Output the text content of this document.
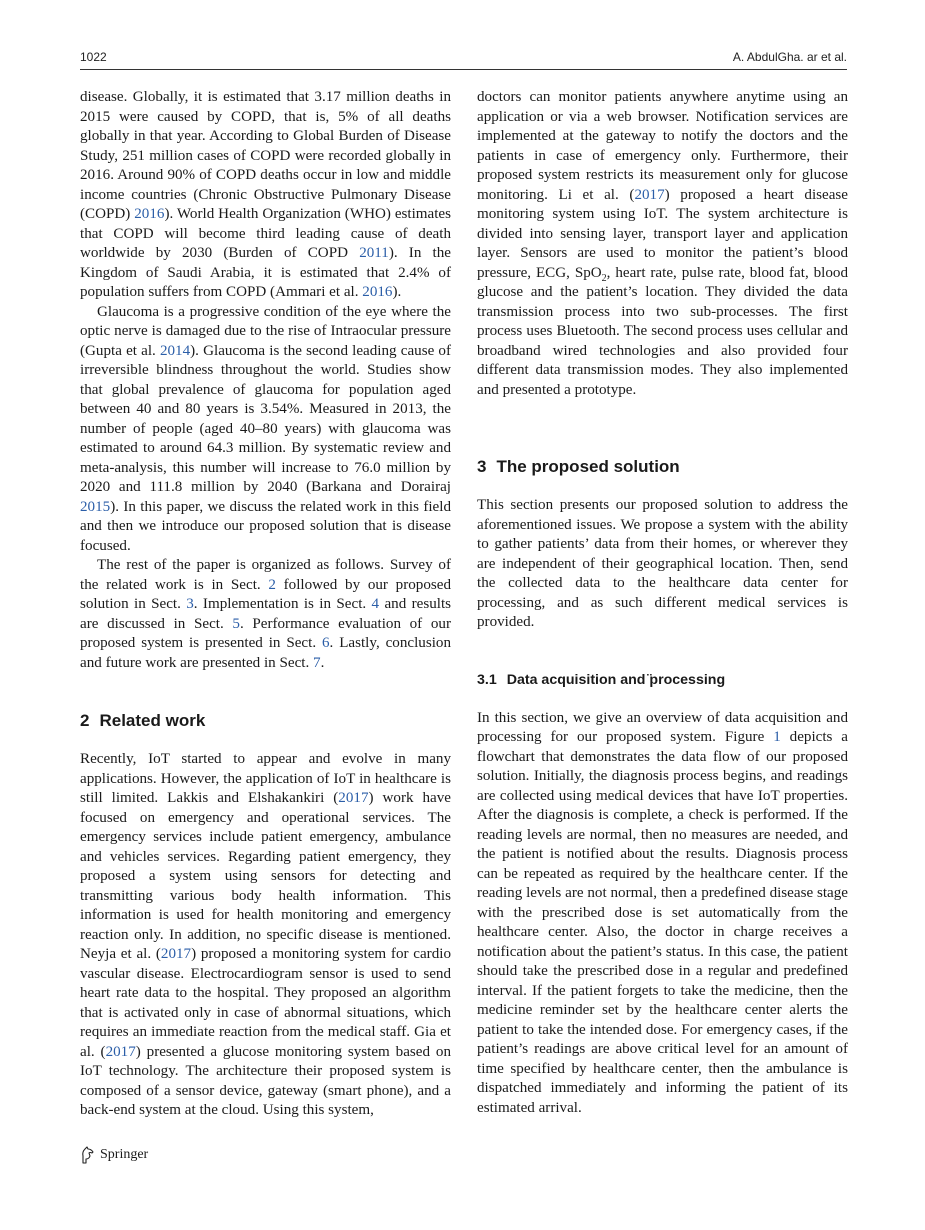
1022	A. AbdulGha. ar et al.

disease. Globally, it is estimated that 3.17 million deaths in 2015 were caused by COPD, that is, 5% of all deaths globally in that year. According to Global Burden of Disease Study, 251 million cases of COPD were recorded globally in 2016. Around 90% of COPD deaths occur in low and middle income countries (Chronic Obstructive Pulmonary Disease (COPD) 2016). World Health Organization (WHO) estimates that COPD will become third leading cause of death worldwide by 2030 (Burden of COPD 2011). In the Kingdom of Saudi Arabia, it is estimated that 2.4% of population suffers from COPD (Ammari et al. 2016).

Glaucoma is a progressive condition of the eye where the optic nerve is damaged due to the rise of Intraocular pressure (Gupta et al. 2014). Glaucoma is the second leading cause of irreversible blindness throughout the world. Studies show that global prevalence of glaucoma for population aged between 40 and 80 years is 3.54%. Measured in 2013, the number of people (aged 40–80 years) with glaucoma was estimated to around 64.3 million. By systematic review and meta-analysis, this number will increase to 76.0 million by 2020 and 111.8 million by 2040 (Barkana and Dorairaj 2015). In this paper, we discuss the related work in this field and then we introduce our proposed solution that is disease focused.

The rest of the paper is organized as follows. Survey of the related work is in Sect. 2 followed by our proposed solution in Sect. 3. Implementation is in Sect. 4 and results are discussed in Sect. 5. Performance evaluation of our proposed system is presented in Sect. 6. Lastly, conclusion and future work are presented in Sect. 7.

2 Related work

Recently, IoT started to appear and evolve in many applications. However, the application of IoT in healthcare is still limited. Lakkis and Elshakankiri (2017) work have focused on emergency and operational services. The emergency services include patient emergency, ambulance and vehicles services. Regarding patient emergency, they proposed a system using sensors for detecting and transmitting various body health information. This information is used for health monitoring and emergency reaction only. In addition, no specific disease is mentioned. Neyja et al. (2017) proposed a monitoring system for cardio vascular disease. Electrocardiogram sensor is used to send heart rate data to the hospital. They proposed an algorithm that is activated only in case of abnormal situations, which requires an immediate reaction from the medical staff. Gia et al. (2017) presented a glucose monitoring system based on IoT technology. The architecture their proposed system is composed of a sensor device, gateway (smart phone), and a back-end system at the cloud. Using this system,

doctors can monitor patients anywhere anytime using an application or via a web browser. Notification services are implemented at the gateway to notify the doctors and the patients in case of emergency only. Furthermore, their proposed system restricts its measurement only for glucose monitoring. Li et al. (2017) proposed a heart disease monitoring system using IoT. The system architecture is divided into sensing layer, transport layer and application layer. Sensors are used to monitor the patient’s blood pressure, ECG, SpO$_2$, heart rate, pulse rate, blood fat, blood glucose and the patient’s location. They divided the data transmission process into two sub-processes. The first process uses Bluetooth. The second process uses cellular and broadband wired technologies and also provided four different data transmission modes. They also implemented and presented a prototype.

3 The proposed solution

This section presents our proposed solution to address the aforementioned issues. We propose a system with the ability to gather patients’ data from their homes, or wherever they are independent of their geographical location. Then, send the collected data to the healthcare data center for processing, and as such different medical services is provided.

3.1 Data acquisition and ̈processing

In this section, we give an overview of data acquisition and processing for our proposed system. Figure 1 depicts a flowchart that demonstrates the data flow of our proposed solution. Initially, the diagnosis process begins, and readings are collected using medical devices that have IoT properties. After the diagnosis is complete, a check is performed. If the reading levels are normal, then no measures are needed, and the patient is notified about the results. Diagnosis process can be repeated as required by the healthcare center. If the reading levels are not normal, then a predefined disease stage with the prescribed dose is set automatically from the healthcare center. Also, the doctor in charge receives a notification about the patient’s status. In this case, the patient should take the prescribed dose in a regular and predefined interval. If the patient forgets to take the medicine, then the medicine reminder set by the healthcare center alerts the patient to take the intended dose. For emergency cases, if the patient’s readings are above critical level for an amount of time specified by healthcare center, then the ambulance is dispatched immediately and informing the patient of its estimated arrival.

Springer
